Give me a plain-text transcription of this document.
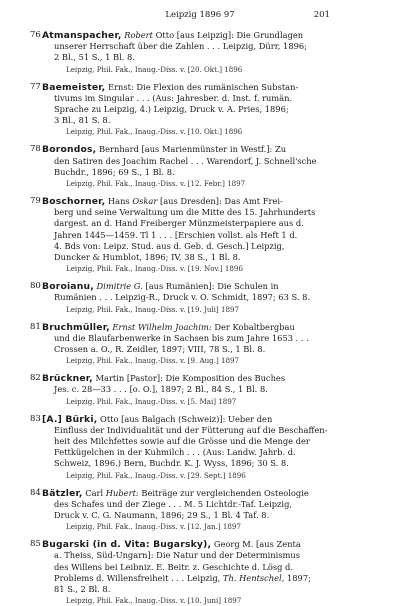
Leipzig 1896 97	201
76 Atmanspacher, Robert Otto [aus Leipzig]: Die Grundlagen
unserer Herrschaft über die Zahlen . . . Leipzig, Dürr, 1896;
2 Bl., 51 S., 1 Bl. 8.
Leipzig, Phil. Fak., Inaug.-Diss. v. [20. Okt.] 1896
77 Baemeister, Ernst: Die Flexion des rumänischen Substan-
tivums im Singular . . . (Aus: Jahresber. d. Inst. f. rumän.
Sprache zu Leipzig, 4.) Leipzig, Druck v. A. Pries, 1896;
3 Bl., 81 S. 8.
Leipzig, Phil. Fak., Inaug.-Diss. v. [10. Okt.] 1896
78 Borondos, Bernhard [aus Marienmünster in Westf.]: Zu
den Satiren des Joachim Rachel . . . Warendorf, J. Schnell'sche
Buchdr., 1896; 69 S., 1 Bl. 8.
Leipzig, Phil. Fak., Inaug.-Diss. v. [12. Febr.] 1897
79 Boschorner, Hans Oskar [aus Dresden]: Das Amt Frei-
berg und seine Verwaltung um die Mitte des 15. Jahrhunderts
dargest. an d. Hand Freiberger Münzmeisterpapiere aus d.
Jahren 1445—1459. Tl 1 . . . [Erschien vollst. als Heft 1 d.
4. Bds von: Leipz. Stud. aus d. Geb. d. Gesch.] Leipzig,
Duncker & Humblot, 1896; IV, 38 S., 1 Bl. 8.
Leipzig, Phil. Fak., Inaug.-Diss. v. [19. Nov.] 1896
80 Boroianu, Dimitrie G. [aus Rumänien]: Die Schulen in
Rumänien . . . Leipzig-R., Druck v. O. Schmidt, 1897; 63 S. 8.
Leipzig, Phil. Fak., Inaug.-Diss. v. [19. Juli] 1897
81 Bruchmüller, Ernst Wilhelm Joachim: Der Kobaltbergbau
und die Blaufarbenwerke in Sachsen bis zum Jahre 1653 . . .
Crossen a. O., R. Zeidler, 1897; VIII, 78 S., 1 Bl. 8.
Leipzig, Phil. Fak., Inaug.-Diss. v. [9. Aug.] 1897
82 Brückner, Martin [Pastor]: Die Komposition des Buches
Jes. c. 28—33 . . . [o. O.], 1897; 2 Bl., 84 S., 1 Bl. 8.
Leipzig, Phil. Fak., Inaug.-Diss. v. [5. Mai] 1897
83 [A.] Bürki, Otto [aus Balgach (Schweiz)]: Ueber den
Einfluss der Individualität und der Fütterung auf die Beschaffen-
heit des Milchfettes sowie auf die Grösse und die Menge der
Fettkügelchen in der Kuhmilch . . . (Aus: Landw. Jahrb. d.
Schweiz, 1896.) Bern, Buchdr. K. J. Wyss, 1896; 30 S. 8.
Leipzig, Phil. Fak., Inaug.-Diss. v. [29. Sept.] 1896
84 Bätzler, Carl Hubert: Beiträge zur vergleichenden Osteologie
des Schafes und der Ziege . . . M. 5 Lichtdr.-Taf. Leipzig,
Druck v. C. G. Naumann, 1896; 29 S., 1 Bl. 4 Taf. 8.
Leipzig, Phil. Fak., Inaug.-Diss. v. [12. Jan.] 1897
85 Bugarski (in d. Vita: Bugarsky), Georg M. [aus Zenta
a. Theiss, Süd-Ungarn]: Die Natur und der Determinismus
des Willens bei Leibniz. E. Beitr. z. Geschichte d. Lösg d.
Problems d. Willensfreiheit . . . Leipzig, Th. Hentschel, 1897;
81 S., 2 Bl. 8.
Leipzig, Phil. Fak., Inaug.-Diss. v. [10. Juni] 1897
